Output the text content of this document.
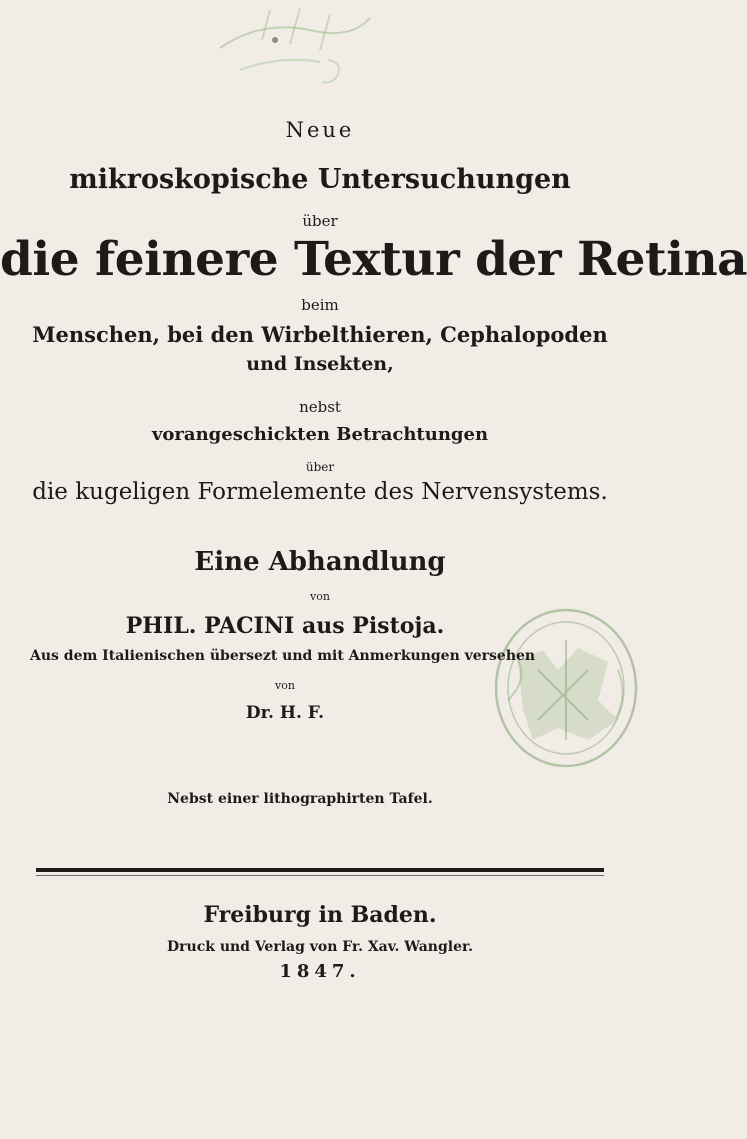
Neue
mikroskopische Untersuchungen
über
die feinere Textur der Retina
beim
Menschen, bei den Wirbelthieren, Cephalopoden
und Insekten,
nebst
vorangeschickten Betrachtungen
über
die kugeligen Formelemente des Nervensystems.
Eine Abhandlung
von
PHIL. PACINI aus Pistoja.
Aus dem Italienischen übersezt und mit Anmerkungen versehen
von
Dr. H. F.
Nebst einer lithographirten Tafel.
Freiburg in Baden.
Druck und Verlag von Fr. Xav. Wangler.
1847.
